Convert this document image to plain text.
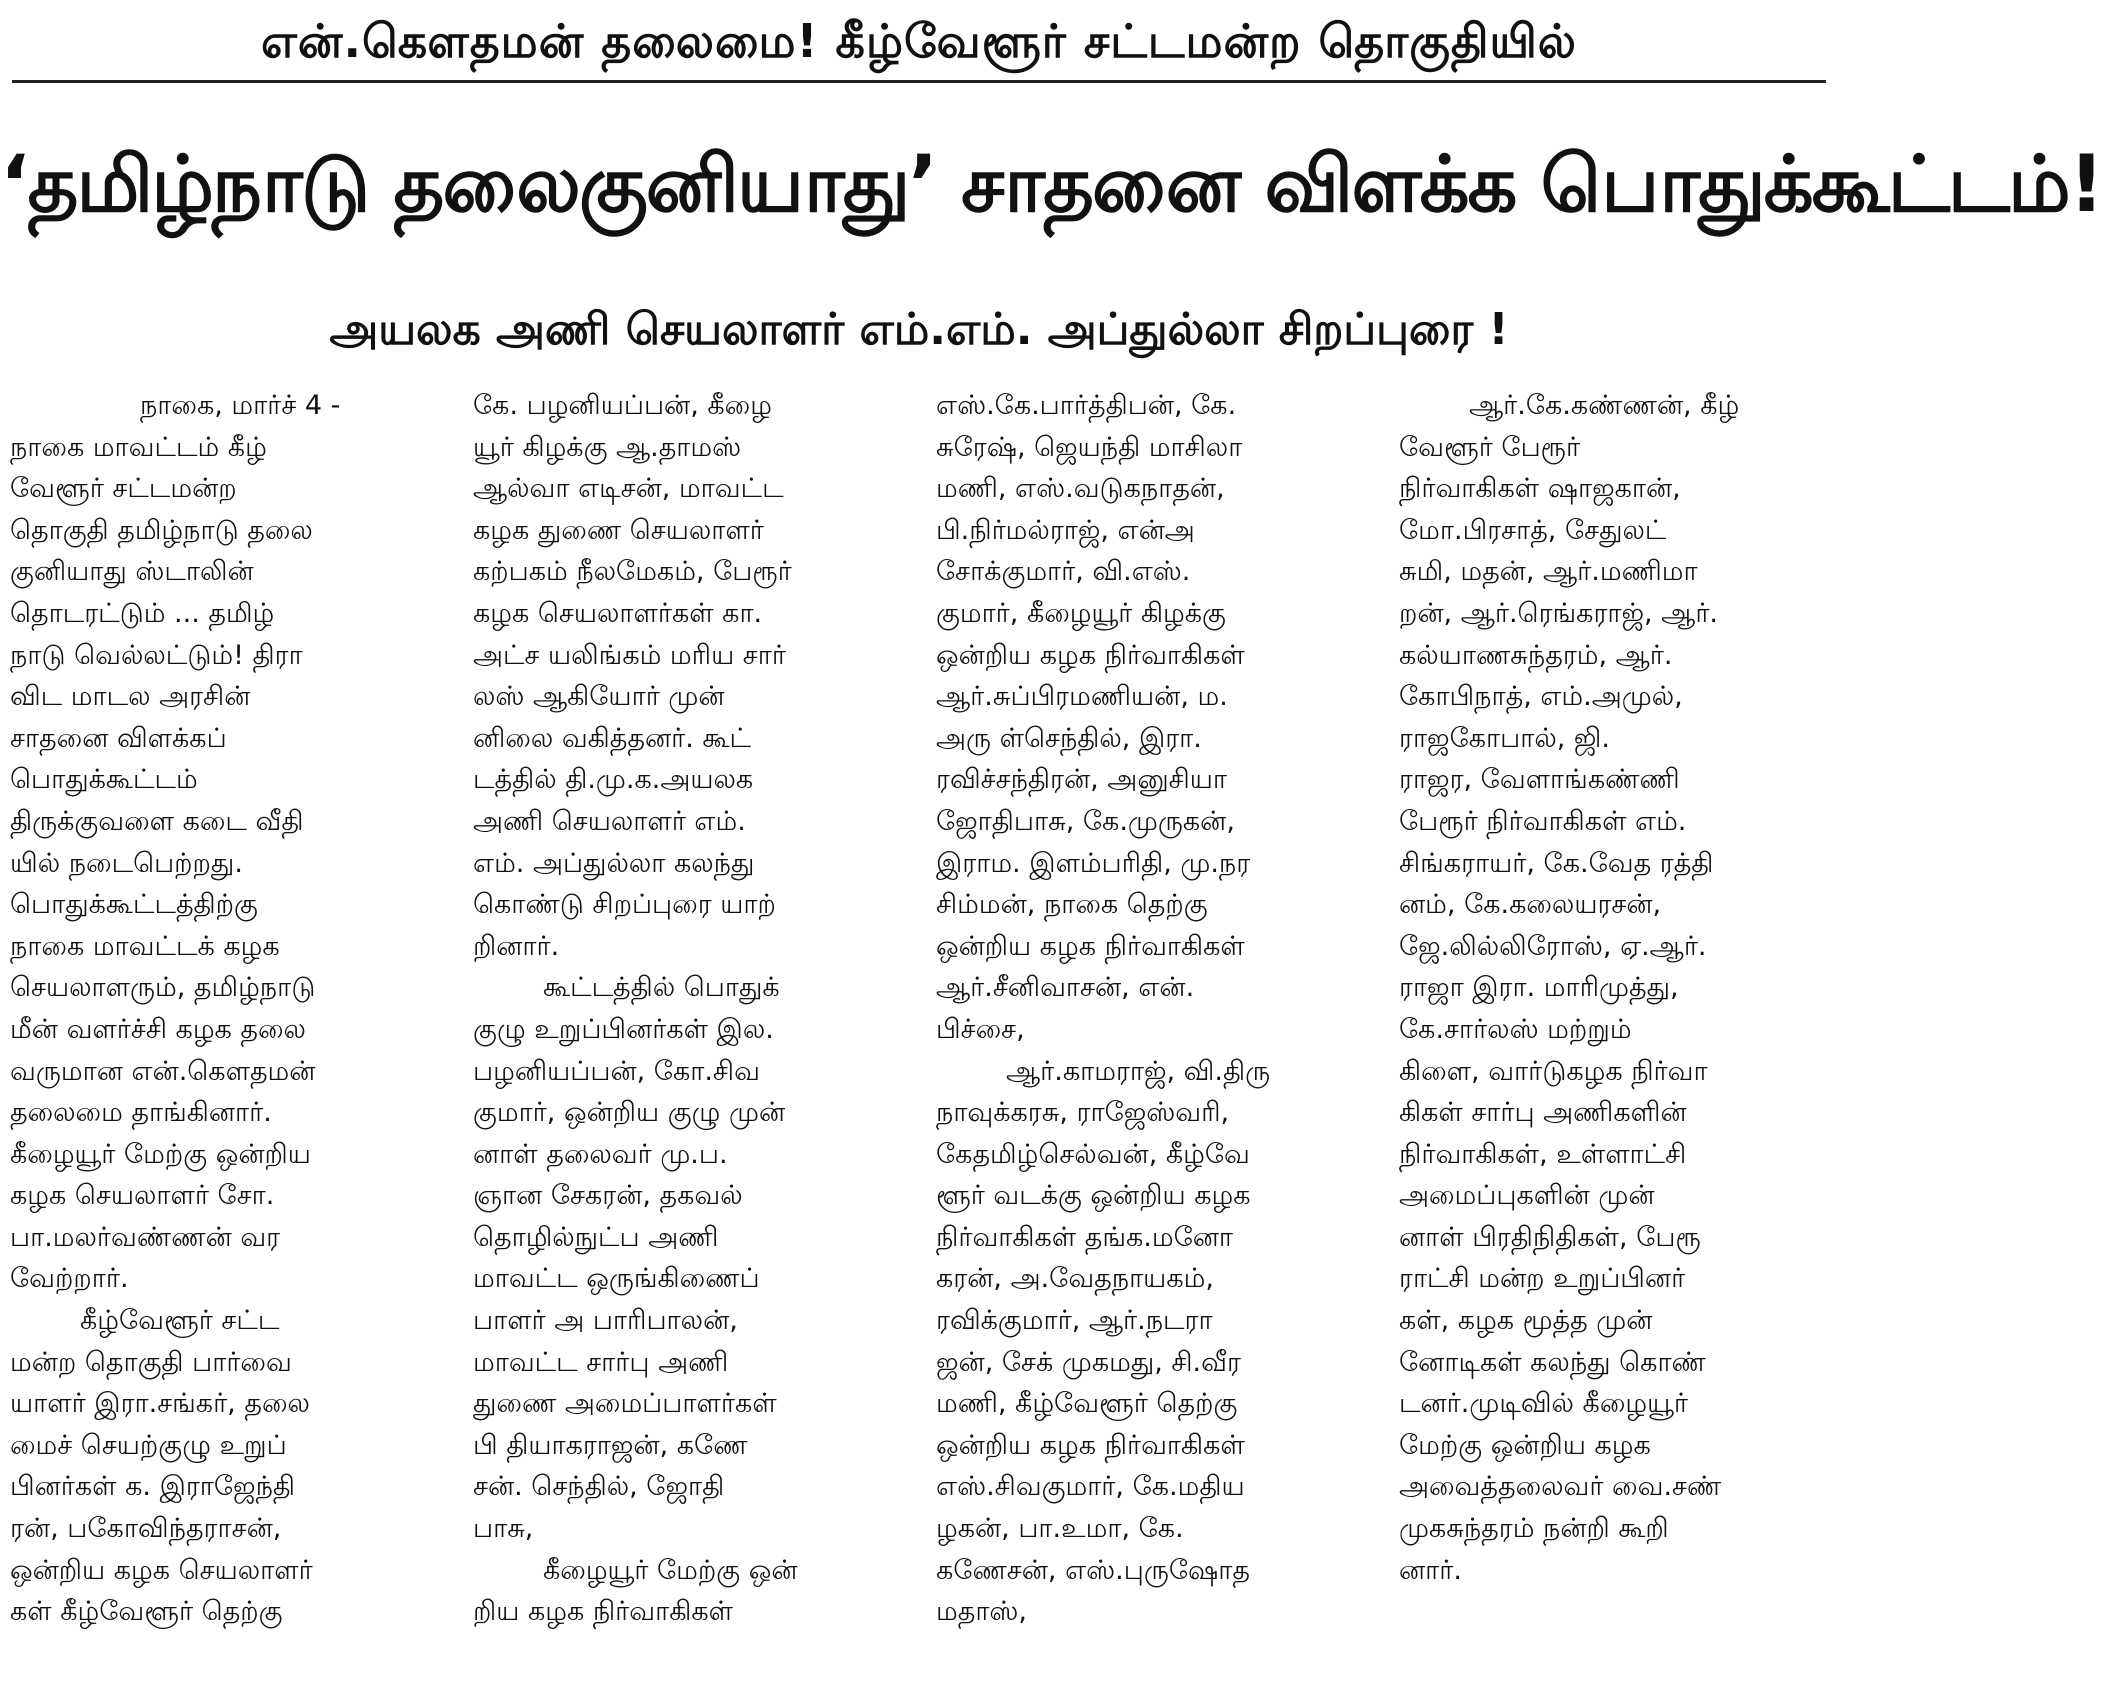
என்.கௌதமன் தலைமை! கீழ்வேளூர் சட்டமன்ற தொகுதியில்
‘தமிழ்நாடு தலைகுனியாது’ சாதனை விளக்க பொதுக்கூட்டம்!
அயலக அணி செயலாளர் எம்.எம். அப்துல்லா சிறப்புரை !
நாகை, மார்ச் 4 -
நாகை மாவட்டம் கீழ்
வேளூர் சட்டமன்ற
தொகுதி தமிழ்நாடு தலை
குனியாது ஸ்டாலின்
தொடரட்டும் ... தமிழ்
நாடு வெல்லட்டும்! திரா
விட மாடல அரசின்
சாதனை விளக்கப்
பொதுக்கூட்டம்
திருக்குவளை கடை வீதி
யில் நடைபெற்றது.
பொதுக்கூட்டத்திற்கு
நாகை மாவட்டக் கழக
செயலாளரும், தமிழ்நாடு
மீன் வளர்ச்சி கழக தலை
வருமான என்.கௌதமன்
தலைமை தாங்கினார்.
கீழையூர் மேற்கு ஒன்றிய
கழக செயலாளர் சோ.
பா.மலர்வண்ணன் வர
வேற்றார்.
கீழ்வேளூர் சட்ட
மன்ற தொகுதி பார்வை
யாளர் இரா.சங்கர், தலை
மைச் செயற்குழு உறுப்
பினர்கள் க. இராஜேந்தி
ரன், பகோவிந்தராசன்,
ஒன்றிய கழக செயலாளர்
கள் கீழ்வேளூர் தெற்கு
கே. பழனியப்பன், கீழை
யூர் கிழக்கு ஆ.தாமஸ்
ஆல்வா எடிசன், மாவட்ட
கழக துணை செயலாளர்
கற்பகம் நீலமேகம், பேரூர்
கழக செயலாளர்கள் கா.
அட்ச யலிங்கம் மரிய சார்
லஸ் ஆகியோர் முன்
னிலை வகித்தனர். கூட்
டத்தில் தி.மு.க.அயலக
அணி செயலாளர் எம்.
எம். அப்துல்லா கலந்து
கொண்டு சிறப்புரை யாற்
றினார்.
கூட்டத்தில் பொதுக்
குழு உறுப்பினர்கள் இல.
பழனியப்பன், கோ.சிவ
குமார், ஒன்றிய குழு முன்
னாள் தலைவர் மு.ப.
ஞான சேகரன், தகவல்
தொழில்நுட்ப அணி
மாவட்ட ஒருங்கிணைப்
பாளர் அ பாரிபாலன்,
மாவட்ட சார்பு அணி
துணை அமைப்பாளர்கள்
பி தியாகராஜன், கணே
சன். செந்தில், ஜோதி
பாசு,
கீழையூர் மேற்கு ஒன்
றிய கழக நிர்வாகிகள்
எஸ்.கே.பார்த்திபன், கே.
சுரேஷ், ஜெயந்தி மாசிலா
மணி, எஸ்.வடுகநாதன்,
பி.நிர்மல்ராஜ், என்அ
சோக்குமார், வி.எஸ்.
குமார், கீழையூர் கிழக்கு
ஒன்றிய கழக நிர்வாகிகள்
ஆர்.சுப்பிரமணியன், ம.
அரு ள்செந்தில், இரா.
ரவிச்சந்திரன், அனுசியா
ஜோதிபாசு, கே.முருகன்,
இராம. இளம்பரிதி, மு.நர
சிம்மன், நாகை தெற்கு
ஒன்றிய கழக நிர்வாகிகள்
ஆர்.சீனிவாசன், என்.
பிச்சை,
ஆர்.காமராஜ், வி.திரு
நாவுக்கரசு, ராஜேஸ்வரி,
கேதமிழ்செல்வன், கீழ்வே
ளூர் வடக்கு ஒன்றிய கழக
நிர்வாகிகள் தங்க.மனோ
கரன், அ.வேதநாயகம்,
ரவிக்குமார், ஆர்.நடரா
ஜன், சேக் முகமது, சி.வீர
மணி, கீழ்வேளூர் தெற்கு
ஒன்றிய கழக நிர்வாகிகள்
எஸ்.சிவகுமார், கே.மதிய
ழகன், பா.உமா, கே.
கணேசன், எஸ்.புருஷோத
மதாஸ்,
ஆர்.கே.கண்ணன், கீழ்
வேளூர் பேரூர்
நிர்வாகிகள் ஷாஜகான்,
மோ.பிரசாத், சேதுலட்
சுமி, மதன், ஆர்.மணிமா
றன், ஆர்.ரெங்கராஜ், ஆர்.
கல்யாணசுந்தரம், ஆர்.
கோபிநாத், எம்.அமுல்,
ராஜகோபால், ஜி.
ராஜர, வேளாங்கண்ணி
பேரூர் நிர்வாகிகள் எம்.
சிங்கராயர், கே.வேத ரத்தி
னம், கே.கலையரசன்,
ஜே.லில்லிரோஸ், ஏ.ஆர்.
ராஜா இரா. மாரிமுத்து,
கே.சார்லஸ் மற்றும்
கிளை, வார்டுகழக நிர்வா
கிகள் சார்பு அணிகளின்
நிர்வாகிகள், உள்ளாட்சி
அமைப்புகளின் முன்
னாள் பிரதிநிதிகள், பேரூ
ராட்சி மன்ற உறுப்பினர்
கள், கழக மூத்த முன்
னோடிகள் கலந்து கொண்
டனர்.முடிவில் கீழையூர்
மேற்கு ஒன்றிய கழக
அவைத்தலைவர் வை.சண்
முகசுந்தரம் நன்றி கூறி
னார்.
